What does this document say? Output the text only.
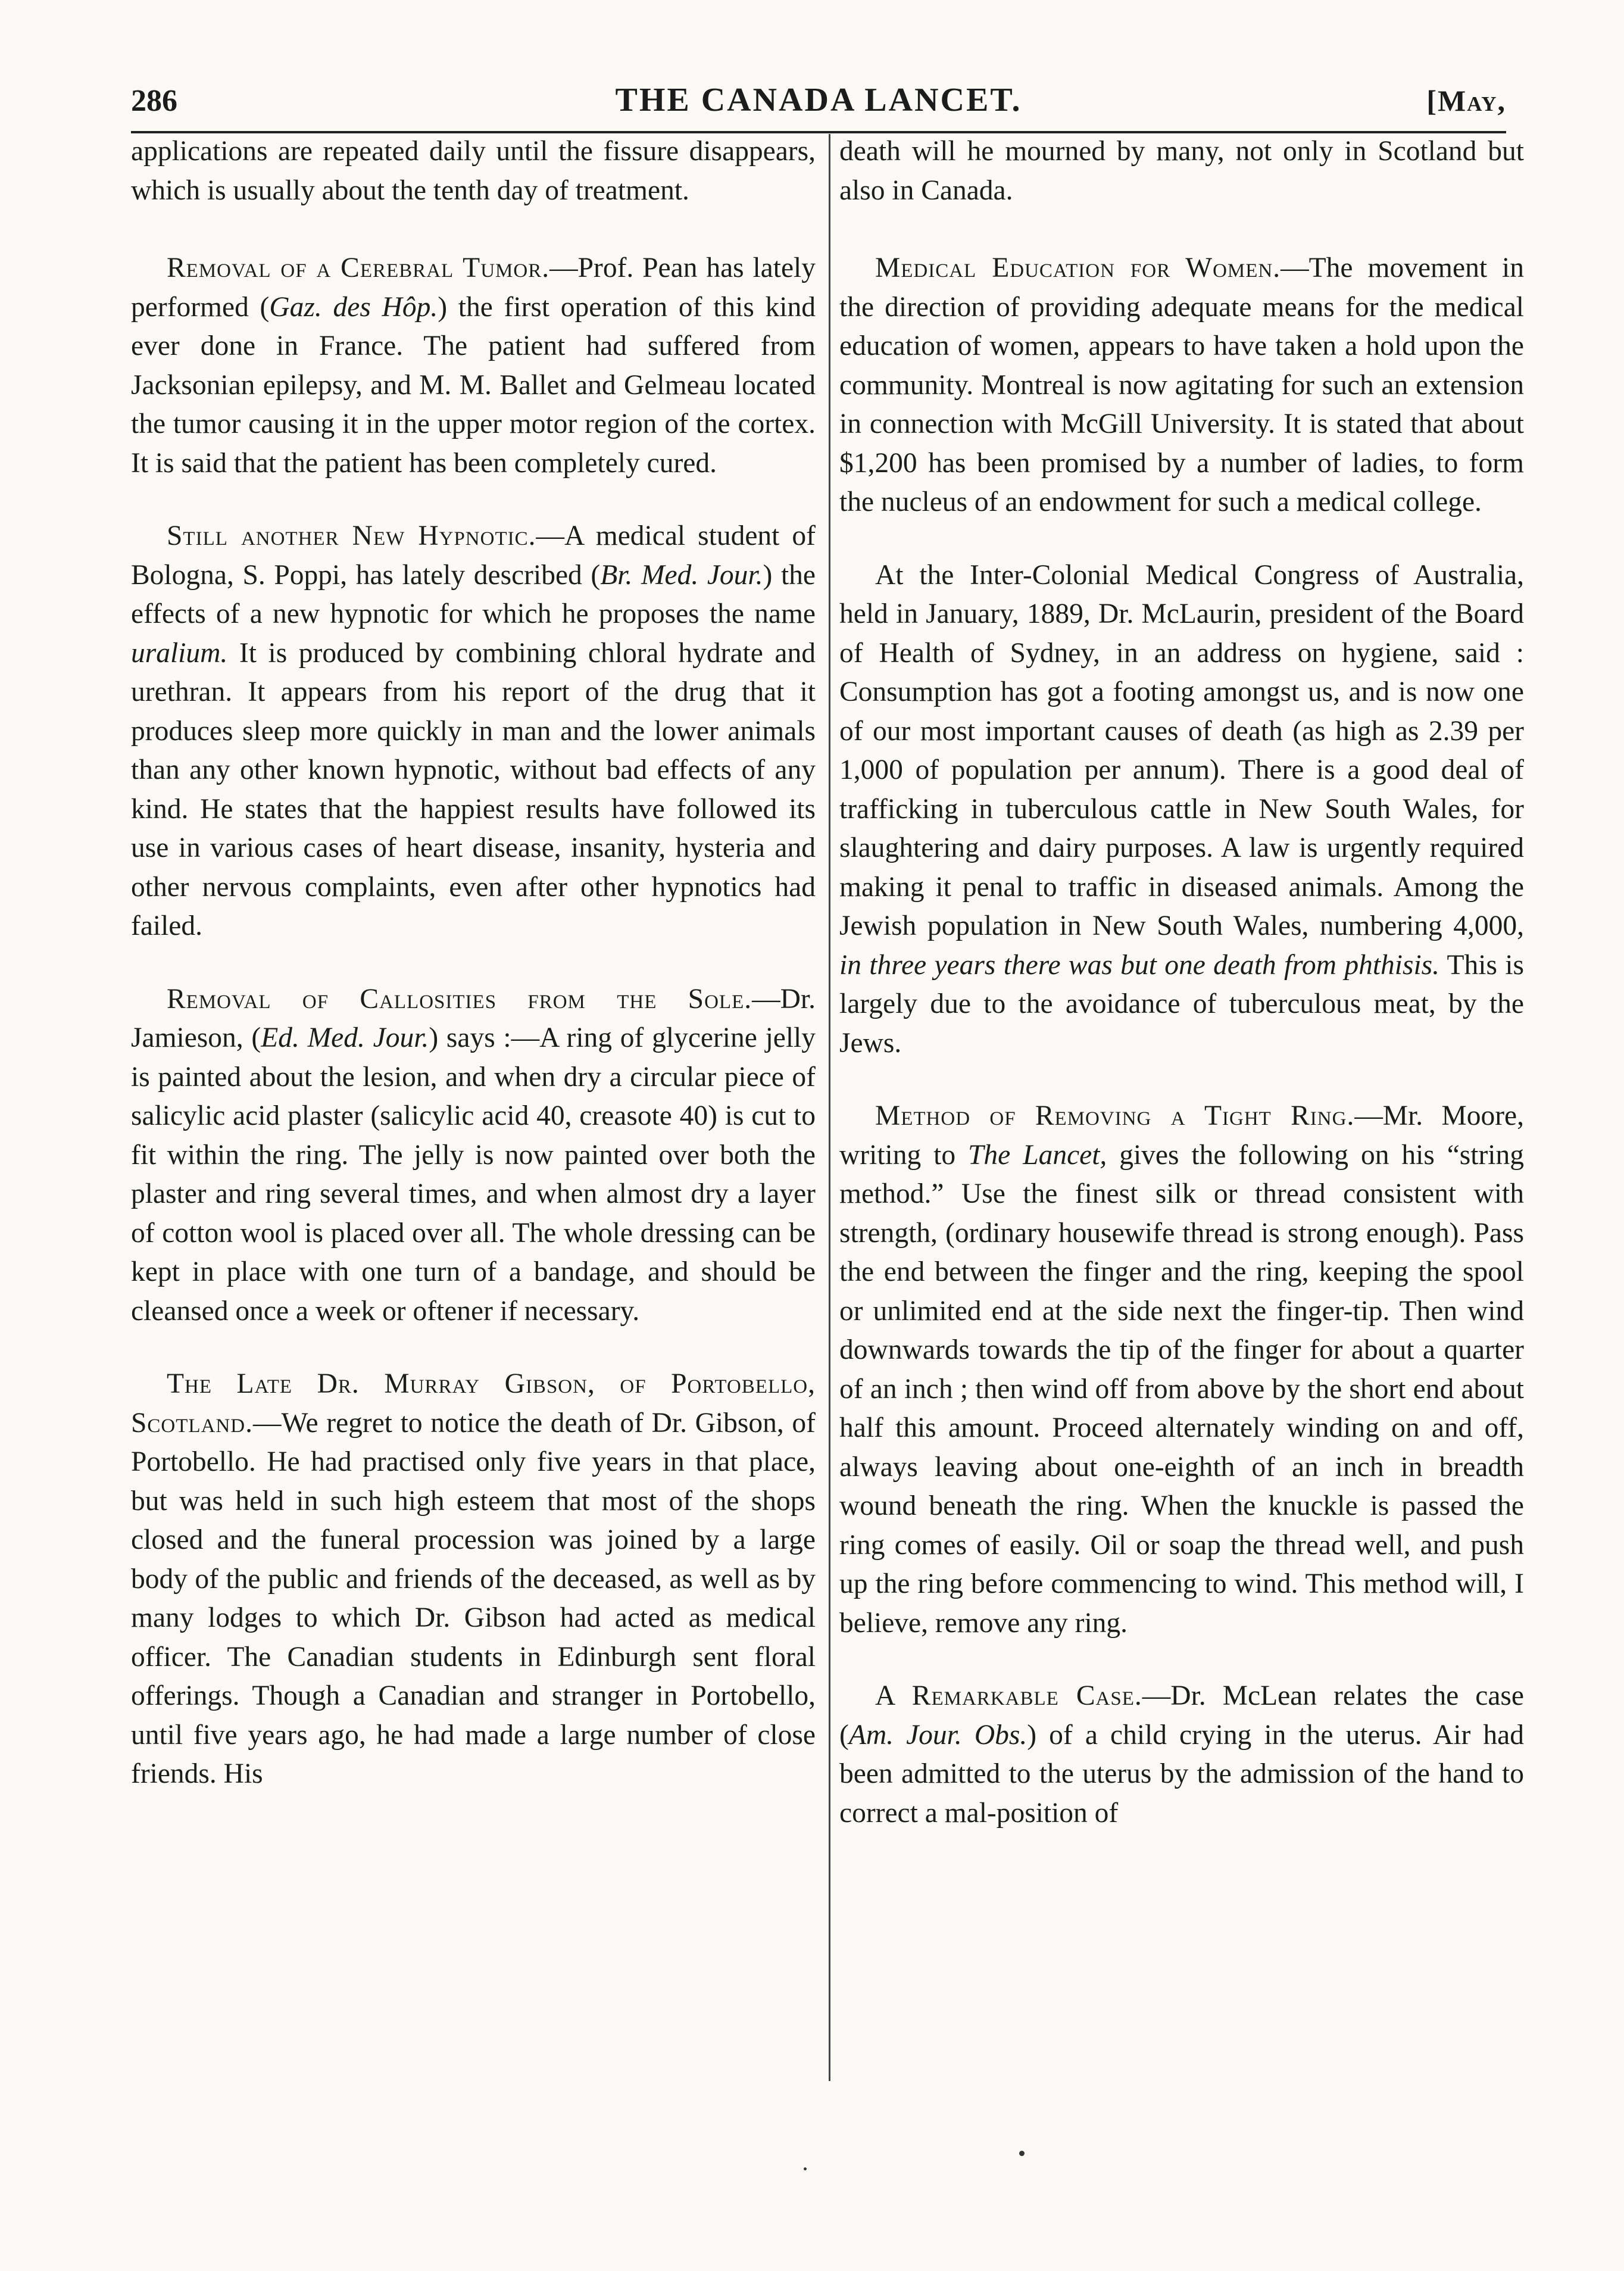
286	THE CANADA LANCET.	[May,

applications are repeated daily until the fissure disappears, which is usually about the tenth day of treatment.

Removal of a Cerebral Tumor.—Prof. Pean has lately performed (Gaz. des Hôp.) the first operation of this kind ever done in France. The patient had suffered from Jacksonian epilepsy, and M. M. Ballet and Gelmeau located the tumor causing it in the upper motor region of the cortex. It is said that the patient has been completely cured.

Still another New Hypnotic.—A medical student of Bologna, S. Poppi, has lately described (Br. Med. Jour.) the effects of a new hypnotic for which he proposes the name uralium. It is produced by combining chloral hydrate and urethran. It appears from his report of the drug that it produces sleep more quickly in man and the lower animals than any other known hypnotic, without bad effects of any kind. He states that the happiest results have followed its use in various cases of heart disease, insanity, hysteria and other nervous complaints, even after other hypnotics had failed.

Removal of Callosities from the Sole.—Dr. Jamieson, (Ed. Med. Jour.) says :—A ring of glycerine jelly is painted about the lesion, and when dry a circular piece of salicylic acid plaster (salicylic acid 40, creasote 40) is cut to fit within the ring. The jelly is now painted over both the plaster and ring several times, and when almost dry a layer of cotton wool is placed over all. The whole dressing can be kept in place with one turn of a bandage, and should be cleansed once a week or oftener if necessary.

The Late Dr. Murray Gibson, of Portobello, Scotland.—We regret to notice the death of Dr. Gibson, of Portobello. He had practised only five years in that place, but was held in such high esteem that most of the shops closed and the funeral procession was joined by a large body of the public and friends of the deceased, as well as by many lodges to which Dr. Gibson had acted as medical officer. The Canadian students in Edinburgh sent floral offerings. Though a Canadian and stranger in Portobello, until five years ago, he had made a large number of close friends. His

death will he mourned by many, not only in Scotland but also in Canada.

Medical Education for Women.—The movement in the direction of providing adequate means for the medical education of women, appears to have taken a hold upon the community. Montreal is now agitating for such an extension in connection with McGill University. It is stated that about $1,200 has been promised by a number of ladies, to form the nucleus of an endowment for such a medical college.

At the Inter-Colonial Medical Congress of Australia, held in January, 1889, Dr. McLaurin, president of the Board of Health of Sydney, in an address on hygiene, said : Consumption has got a footing amongst us, and is now one of our most important causes of death (as high as 2.39 per 1,000 of population per annum). There is a good deal of trafficking in tuberculous cattle in New South Wales, for slaughtering and dairy purposes. A law is urgently required making it penal to traffic in diseased animals. Among the Jewish population in New South Wales, numbering 4,000, in three years there was but one death from phthisis. This is largely due to the avoidance of tuberculous meat, by the Jews.

Method of Removing a Tight Ring.—Mr. Moore, writing to The Lancet, gives the following on his “string method.” Use the finest silk or thread consistent with strength, (ordinary housewife thread is strong enough). Pass the end between the finger and the ring, keeping the spool or unlimited end at the side next the finger-tip. Then wind downwards towards the tip of the finger for about a quarter of an inch ; then wind off from above by the short end about half this amount. Proceed alternately winding on and off, always leaving about one-eighth of an inch in breadth wound beneath the ring. When the knuckle is passed the ring comes of easily. Oil or soap the thread well, and push up the ring before commencing to wind. This method will, I believe, remove any ring.

A Remarkable Case.—Dr. McLean relates the case (Am. Jour. Obs.) of a child crying in the uterus. Air had been admitted to the uterus by the admission of the hand to correct a mal-position of
